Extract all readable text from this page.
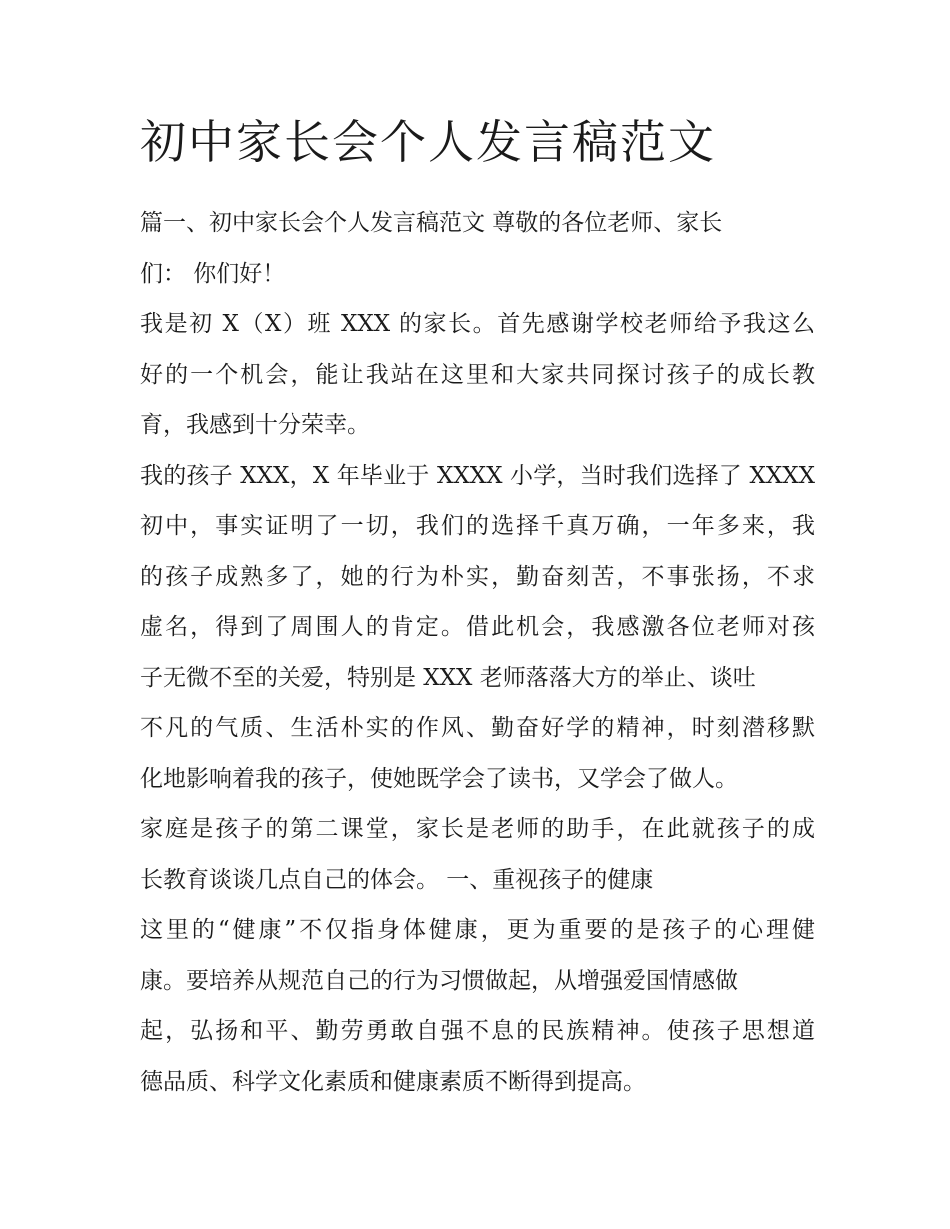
初中家长会个人发言稿范文
篇一、初中家长会个人发言稿范文 尊敬的各位老师、家长
们： 你们好！
我是初 X（X）班 XXX 的家长。首先感谢学校老师给予我这么
好的一个机会，能让我站在这里和大家共同探讨孩子的成长教
育，我感到十分荣幸。
我的孩子 XXX，X 年毕业于 XXXX 小学，当时我们选择了 XXXX
初中，事实证明了一切，我们的选择千真万确，一年多来，我
的孩子成熟多了，她的行为朴实，勤奋刻苦，不事张扬，不求
虚名，得到了周围人的肯定。借此机会，我感激各位老师对孩
子无微不至的关爱，特别是 XXX 老师落落大方的举止、谈吐
不凡的气质、生活朴实的作风、勤奋好学的精神，时刻潜移默
化地影响着我的孩子，使她既学会了读书，又学会了做人。
家庭是孩子的第二课堂，家长是老师的助手，在此就孩子的成
长教育谈谈几点自己的体会。 一、重视孩子的健康
这里的“健康”不仅指身体健康，更为重要的是孩子的心理健
康。要培养从规范自己的行为习惯做起，从增强爱国情感做
起，弘扬和平、勤劳勇敢自强不息的民族精神。使孩子思想道
德品质、科学文化素质和健康素质不断得到提高。
